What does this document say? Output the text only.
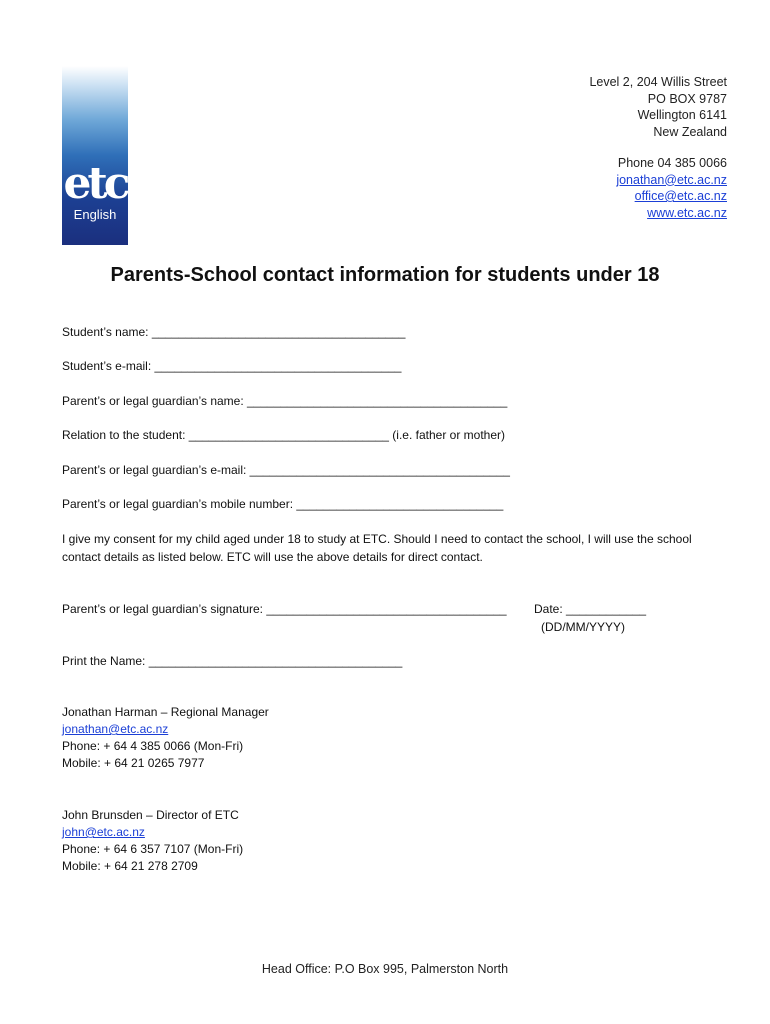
etc
English
Level 2, 204 Willis Street
PO BOX 9787
Wellington 6141
New Zealand
Phone 04 385 0066
jonathan@etc.ac.nz
office@etc.ac.nz
www.etc.ac.nz
Parents-School contact information for students under 18
Student’s name: ______________________________________
Student’s e-mail: _____________________________________
Parent’s or legal guardian’s name: _______________________________________
Relation to the student: ______________________________ (i.e. father or mother)
Parent’s or legal guardian’s e-mail: _______________________________________
Parent’s or legal guardian’s mobile number: _______________________________
I give my consent for my child aged under 18 to study at ETC. Should I need to contact the school, I will use the school contact details as listed below. ETC will use the above details for direct contact.
Parent’s or legal guardian’s signature: ____________________________________ Date: ____________
(DD/MM/YYYY)
Print the Name: ______________________________________
Jonathan Harman – Regional Manager
jonathan@etc.ac.nz
Phone: + 64 4 385 0066 (Mon-Fri)
Mobile: + 64 21 0265 7977
John Brunsden – Director of ETC
john@etc.ac.nz
Phone: + 64 6 357 7107 (Mon-Fri)
Mobile: + 64 21 278 2709
Head Office: P.O Box 995, Palmerston North
